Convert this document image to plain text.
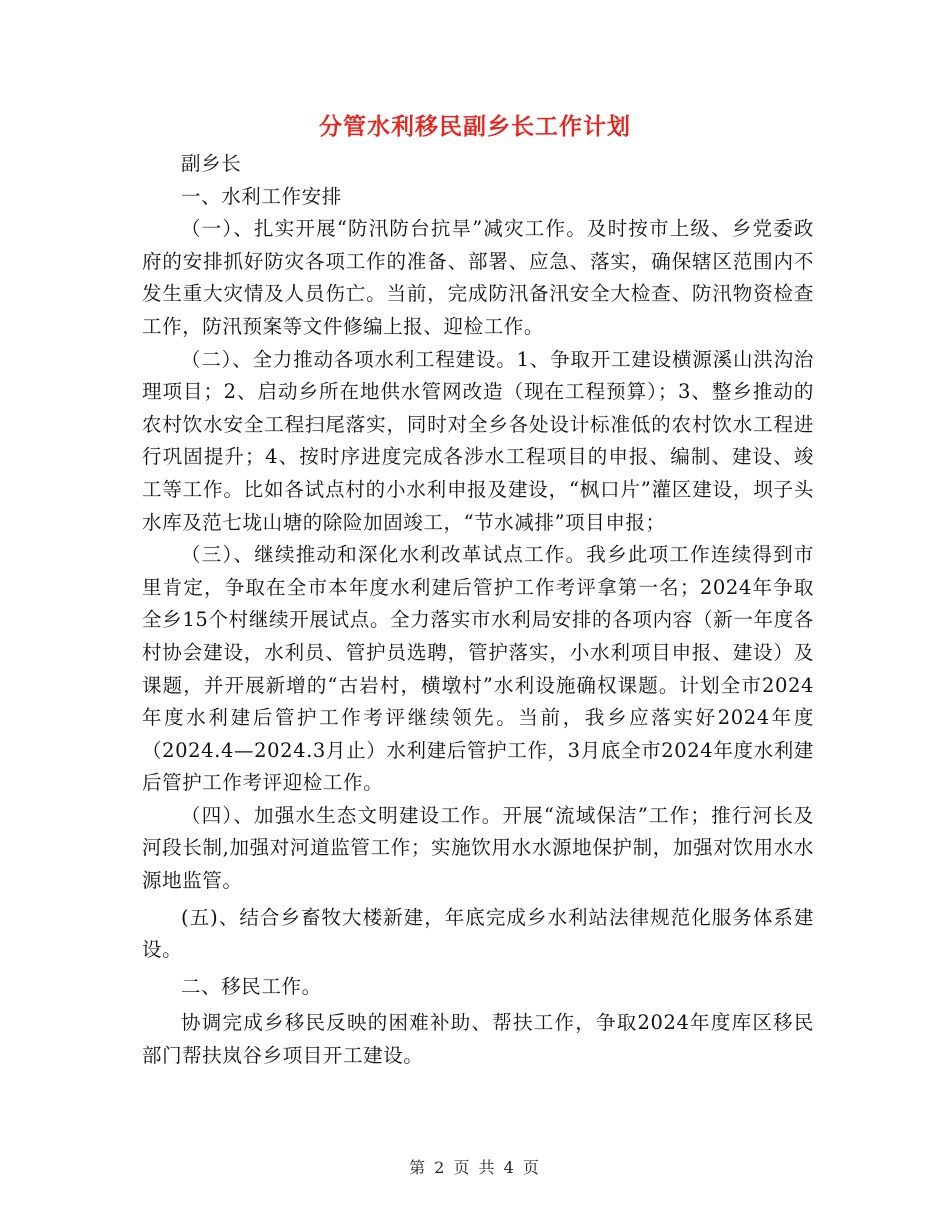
分管水利移民副乡长工作计划

副乡长

一、水利工作安排

（一）、扎实开展“防汛防台抗旱”减灾工作。及时按市上级、乡党委政府的安排抓好防灾各项工作的准备、部署、应急、落实，确保辖区范围内不发生重大灾情及人员伤亡。当前，完成防汛备汛安全大检查、防汛物资检查工作，防汛预案等文件修编上报、迎检工作。

（二）、全力推动各项水利工程建设。1、争取开工建设横源溪山洪沟治理项目；2、启动乡所在地供水管网改造（现在工程预算）；3、整乡推动的农村饮水安全工程扫尾落实，同时对全乡各处设计标准低的农村饮水工程进行巩固提升；4、按时序进度完成各涉水工程项目的申报、编制、建设、竣工等工作。比如各试点村的小水利申报及建设，“枫口片”灌区建设，坝子头水库及范七垅山塘的除险加固竣工，“节水减排”项目申报；

（三）、继续推动和深化水利改革试点工作。我乡此项工作连续得到市里肯定，争取在全市本年度水利建后管护工作考评拿第一名；2024年争取全乡15个村继续开展试点。全力落实市水利局安排的各项内容（新一年度各村协会建设，水利员、管护员选聘，管护落实，小水利项目申报、建设）及课题，并开展新增的“古岩村，横墩村”水利设施确权课题。计划全市2024年度水利建后管护工作考评继续领先。当前，我乡应落实好2024年度（2024.4—2024.3月止）水利建后管护工作，3月底全市2024年度水利建后管护工作考评迎检工作。

（四）、加强水生态文明建设工作。开展“流域保洁”工作；推行河长及河段长制,加强对河道监管工作；实施饮用水水源地保护制，加强对饮用水水源地监管。

(五)、结合乡畜牧大楼新建，年底完成乡水利站法律规范化服务体系建设。

二、移民工作。

协调完成乡移民反映的困难补助、帮扶工作，争取2024年度库区移民部门帮扶岚谷乡项目开工建设。

第 2 页 共 4 页
